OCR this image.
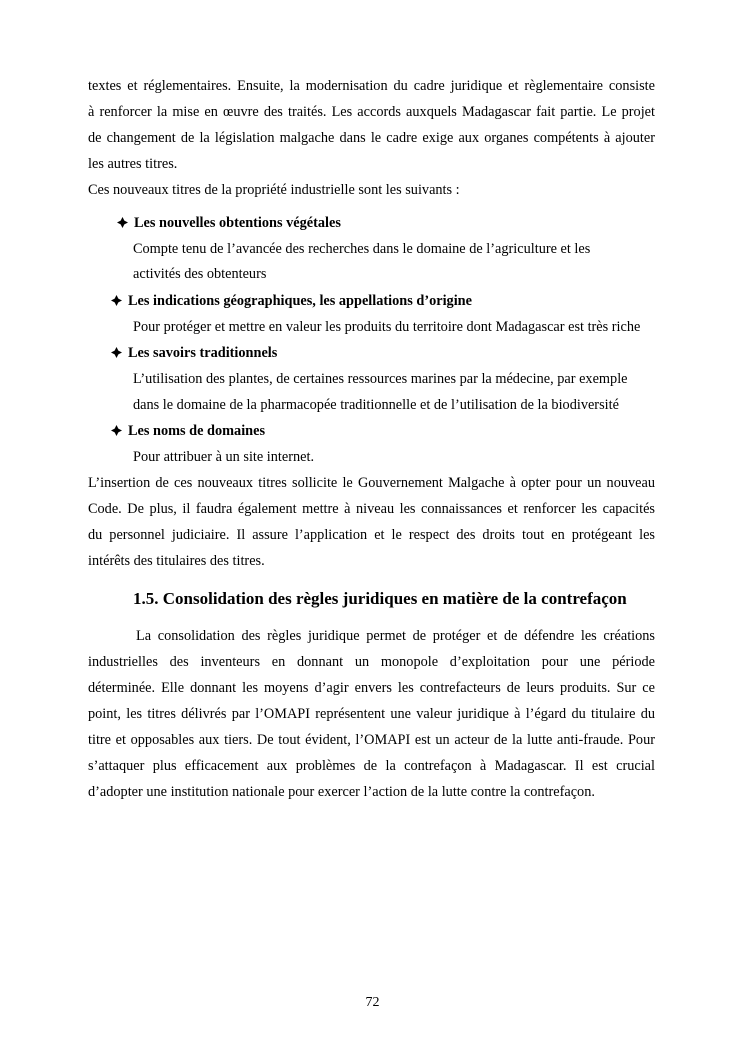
textes et réglementaires. Ensuite, la modernisation du cadre juridique et règlementaire consiste
à renforcer la mise en œuvre des traités. Les accords auxquels Madagascar fait partie. Le projet
de changement de la législation malgache dans le cadre exige aux organes compétents à ajouter
les autres titres.
Ces nouveaux titres de la propriété industrielle sont les suivants :
Les nouvelles obtentions végétales
Compte tenu de l’avancée des recherches dans le domaine de l’agriculture et les
activités des obtenteurs
Les indications géographiques, les appellations d’origine
Pour protéger et mettre en valeur les produits du territoire dont Madagascar est très riche
Les savoirs traditionnels
L’utilisation des plantes, de certaines ressources marines par la médecine, par exemple
dans le domaine de la pharmacopée traditionnelle et de l’utilisation de la biodiversité
Les noms de domaines
Pour attribuer à un site internet.
L’insertion de ces nouveaux titres sollicite le Gouvernement Malgache à opter pour un nouveau
Code. De plus, il faudra également mettre à niveau les connaissances et renforcer les capacités
du personnel judiciaire. Il assure l’application et le respect des droits tout en protégeant les
intérêts des titulaires des titres.
1.5. Consolidation des règles juridiques en matière de la contrefaçon
La consolidation des règles juridique permet de protéger et de défendre les créations
industrielles des inventeurs en donnant un monopole d’exploitation pour une période
déterminée. Elle donnant les moyens d’agir envers les contrefacteurs de leurs produits. Sur ce
point, les titres délivrés par l’OMAPI représentent une valeur juridique à l’égard du titulaire du
titre et opposables aux tiers. De tout évident, l’OMAPI est un acteur de la lutte anti-fraude. Pour
s’attaquer plus efficacement aux problèmes de la contrefaçon à Madagascar. Il est crucial
d’adopter une institution nationale pour exercer l’action de la lutte contre la contrefaçon.
72
